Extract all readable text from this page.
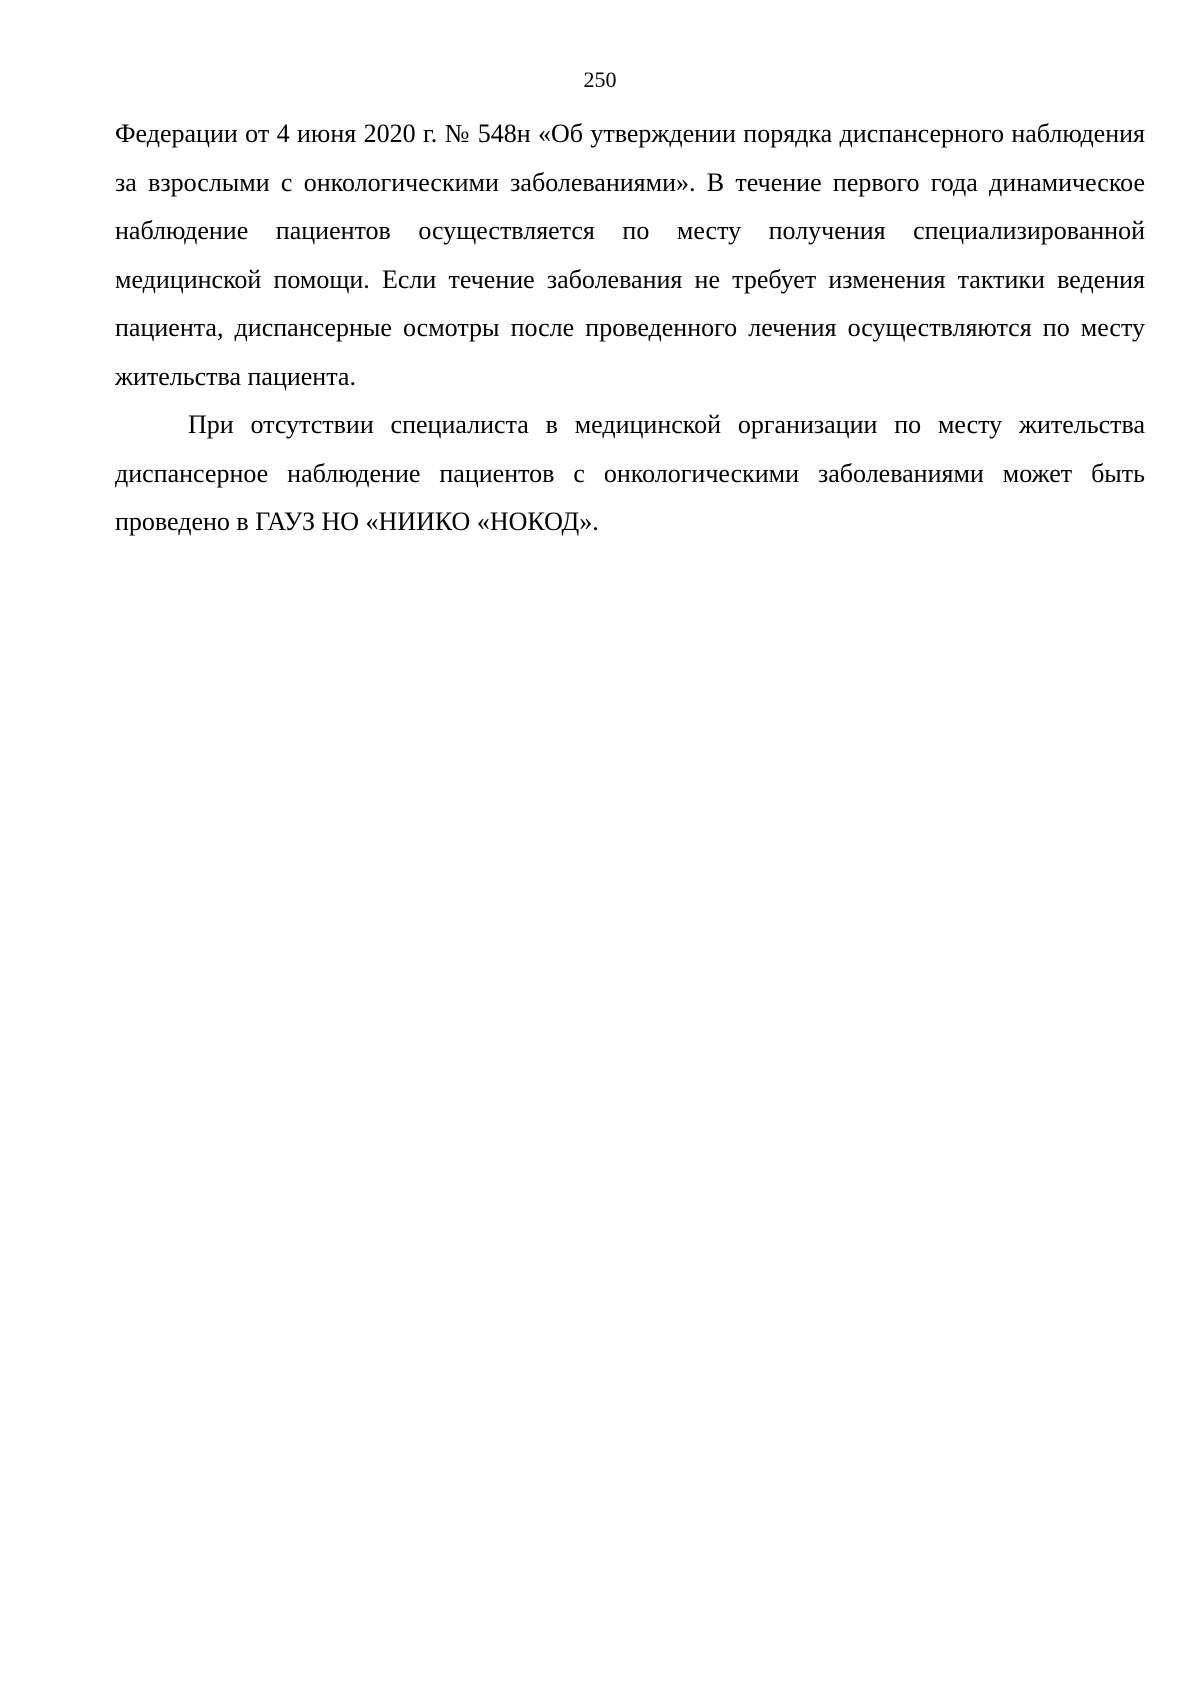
250

Федерации от 4 июня 2020 г. № 548н «Об утверждении порядка диспансерного наблюдения за взрослыми с онкологическими заболеваниями». В течение первого года динамическое наблюдение пациентов осуществляется по месту получения специализированной медицинской помощи. Если течение заболевания не требует изменения тактики ведения пациента, диспансерные осмотры после проведенного лечения осуществляются по месту жительства пациента.

При отсутствии специалиста в медицинской организации по месту жительства диспансерное наблюдение пациентов с онкологическими заболеваниями может быть проведено в ГАУЗ НО «НИИКО «НОКОД».
